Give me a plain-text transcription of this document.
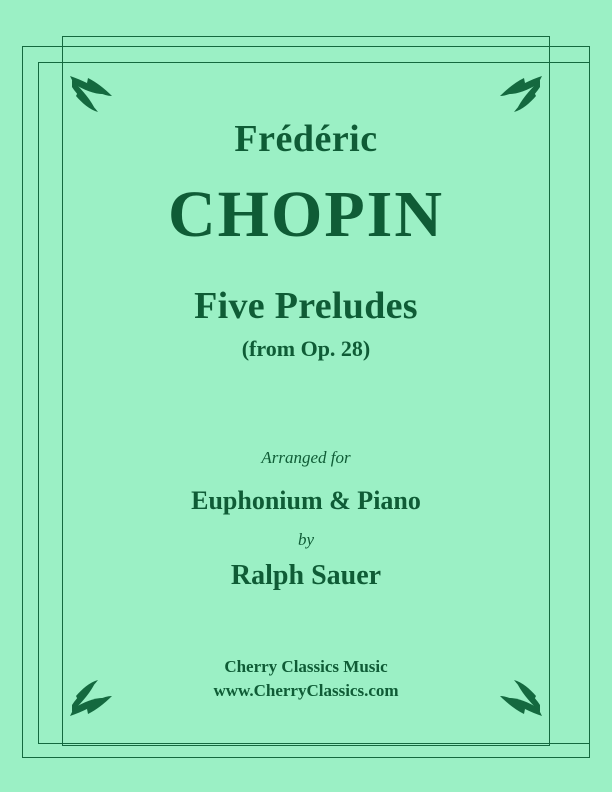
Frédéric
CHOPIN
Five Preludes
(from Op. 28)
Arranged for
Euphonium & Piano
by
Ralph Sauer
Cherry Classics Music
www.CherryClassics.com
